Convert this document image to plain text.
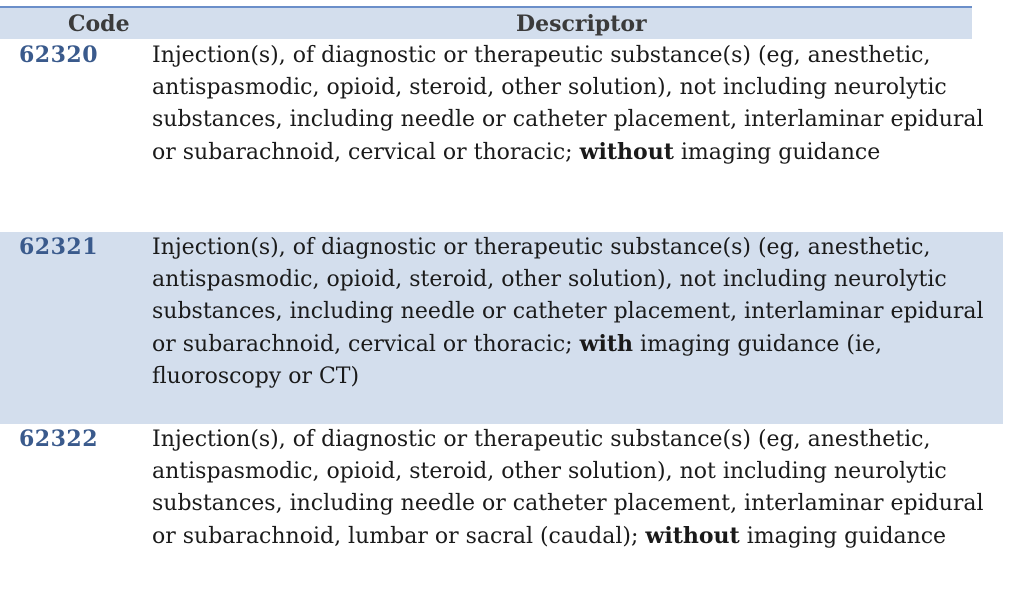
Code	Descriptor
62320 Injection(s), of diagnostic or therapeutic substance(s) (eg, anesthetic, antispasmodic, opioid, steroid, other solution), not including neurolytic substances, including needle or catheter placement, interlaminar epidural or subarachnoid, cervical or thoracic; without imaging guidance
62321 Injection(s), of diagnostic or therapeutic substance(s) (eg, anesthetic, antispasmodic, opioid, steroid, other solution), not including neurolytic substances, including needle or catheter placement, interlaminar epidural or subarachnoid, cervical or thoracic; with imaging guidance (ie, fluoroscopy or CT)
62322 Injection(s), of diagnostic or therapeutic substance(s) (eg, anesthetic, antispasmodic, opioid, steroid, other solution), not including neurolytic substances, including needle or catheter placement, interlaminar epidural or subarachnoid, lumbar or sacral (caudal); without imaging guidance
